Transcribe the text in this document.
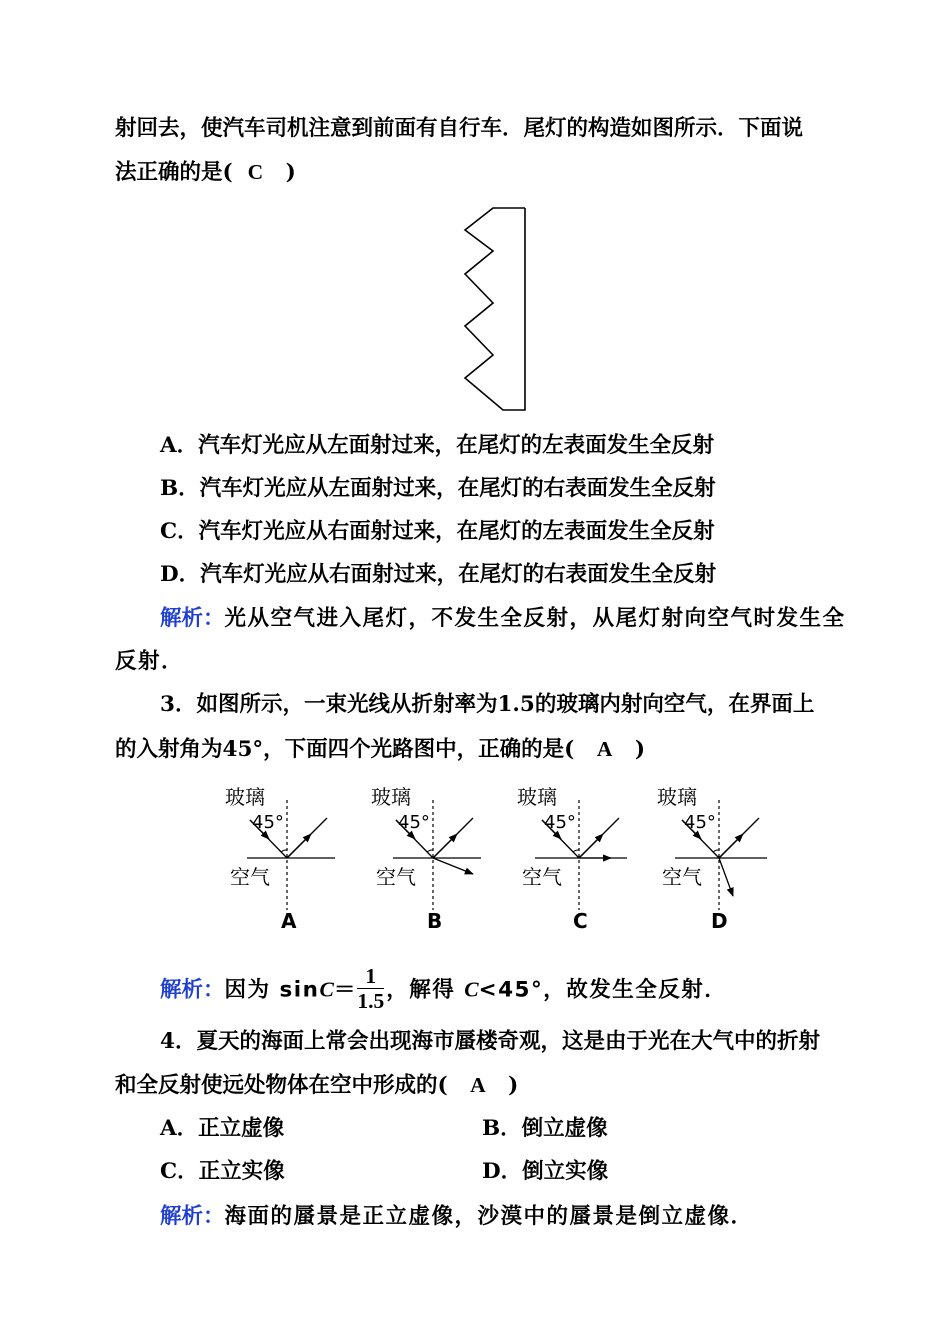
射回去，使汽车司机注意到前面有自行车．尾灯的构造如图所示．下面说
法正确的是( C )
A．汽车灯光应从左面射过来，在尾灯的左表面发生全反射
B．汽车灯光应从左面射过来，在尾灯的右表面发生全反射
C．汽车灯光应从右面射过来，在尾灯的左表面发生全反射
D．汽车灯光应从右面射过来，在尾灯的右表面发生全反射
解析：光从空气进入尾灯，不发生全反射，从尾灯射向空气时发生全
反射．
3．如图所示，一束光线从折射率为1.5的玻璃内射向空气，在界面上
的入射角为45°，下面四个光路图中，正确的是( A )
玻璃
45°
空气
A
玻璃
45°
空气
B
玻璃
45°
空气
C
玻璃
45°
空气
D
解析：因为 $\sin C= \frac{1}{1.5}$ ，解得 C<45°，故发生全反射．
4．夏天的海面上常会出现海市蜃楼奇观，这是由于光在大气中的折射
和全反射使远处物体在空中形成的( A )
A．正立虚像	B．倒立虚像
C．正立实像	D．倒立实像
解析：海面的蜃景是正立虚像，沙漠中的蜃景是倒立虚像．
